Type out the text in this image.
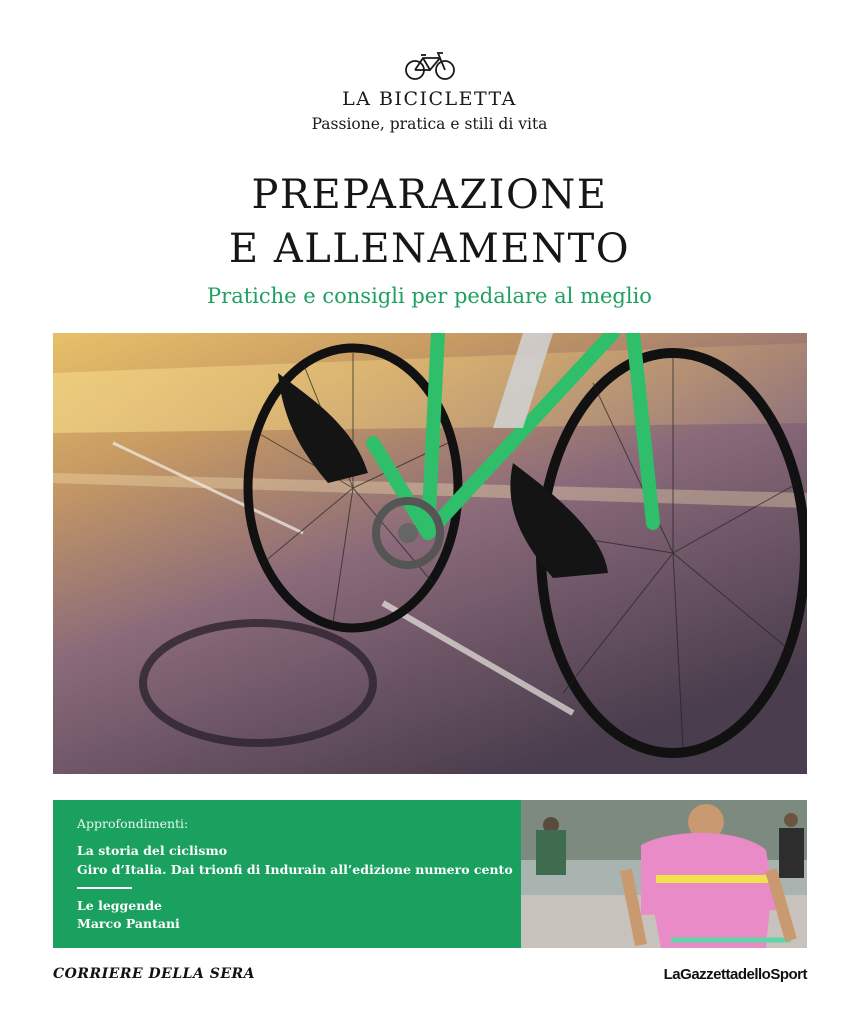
LA BICICLETTA
Passione, pratica e stili di vita
PREPARAZIONE
E ALLENAMENTO
Pratiche e consigli per pedalare al meglio
Approfondimenti:
La storia del ciclismo
Giro d’Italia. Dai trionfi di Indurain all’edizione numero cento
Le leggende
Marco Pantani
CORRIERE DELLA SERA	LaGazzettadelloSport
